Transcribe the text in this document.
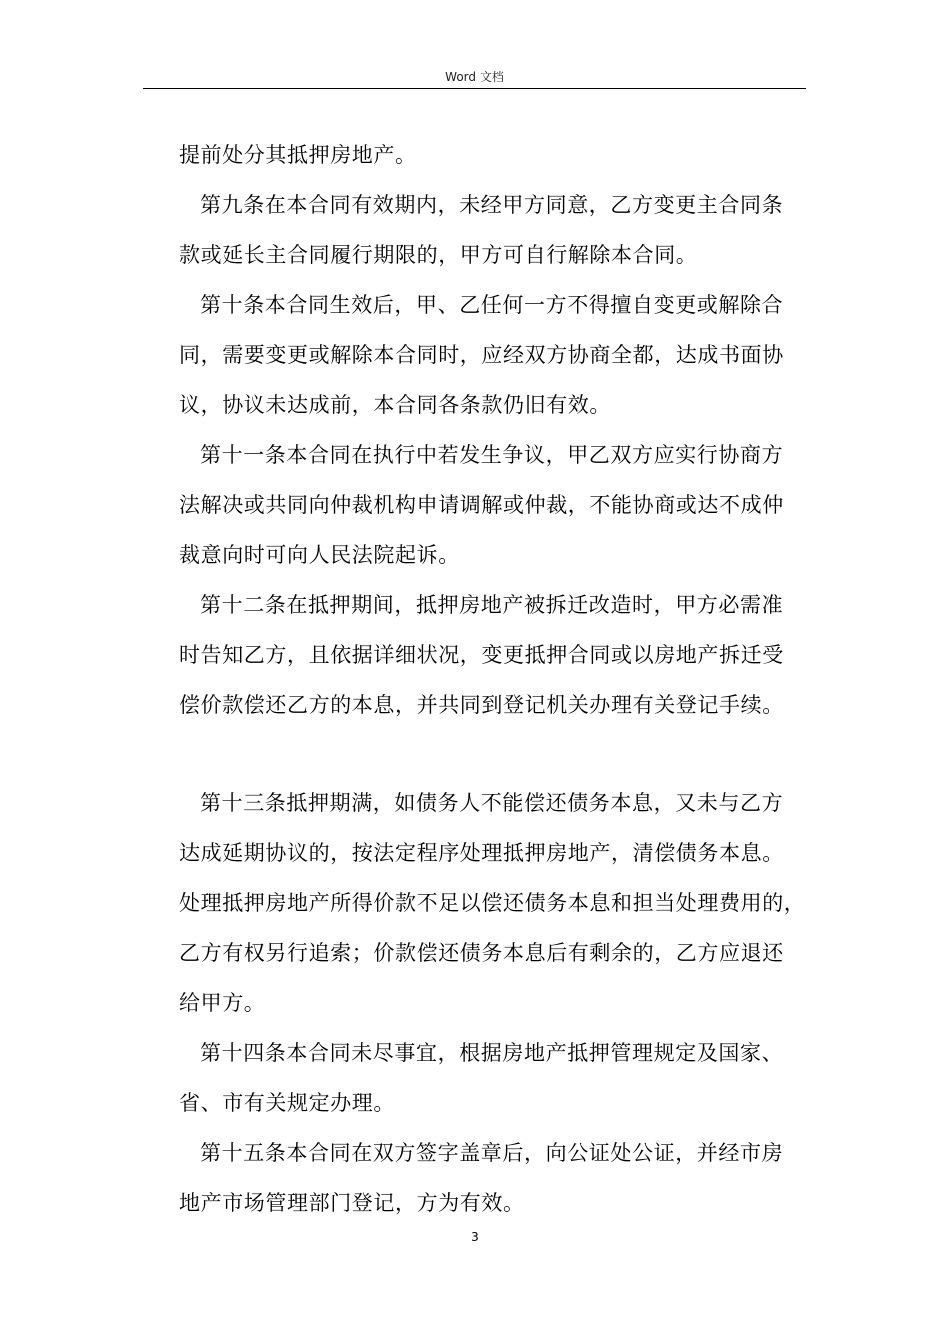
Word 文档

提前处分其抵押房地产。

第九条在本合同有效期内，未经甲方同意，乙方变更主合同条
款或延长主合同履行期限的，甲方可自行解除本合同。

第十条本合同生效后，甲、乙任何一方不得擅自变更或解除合
同，需要变更或解除本合同时，应经双方协商全都，达成书面协
议，协议未达成前，本合同各条款仍旧有效。

第十一条本合同在执行中若发生争议，甲乙双方应实行协商方
法解决或共同向仲裁机构申请调解或仲裁，不能协商或达不成仲
裁意向时可向人民法院起诉。

第十二条在抵押期间，抵押房地产被拆迁改造时，甲方必需准
时告知乙方，且依据详细状况，变更抵押合同或以房地产拆迁受
偿价款偿还乙方的本息，并共同到登记机关办理有关登记手续。

第十三条抵押期满，如债务人不能偿还债务本息，又未与乙方
达成延期协议的，按法定程序处理抵押房地产，清偿债务本息。
处理抵押房地产所得价款不足以偿还债务本息和担当处理费用的，
乙方有权另行追索；价款偿还债务本息后有剩余的，乙方应退还
给甲方。

第十四条本合同未尽事宜，根据房地产抵押管理规定及国家、
省、市有关规定办理。

第十五条本合同在双方签字盖章后，向公证处公证，并经市房
地产市场管理部门登记，方为有效。

3
